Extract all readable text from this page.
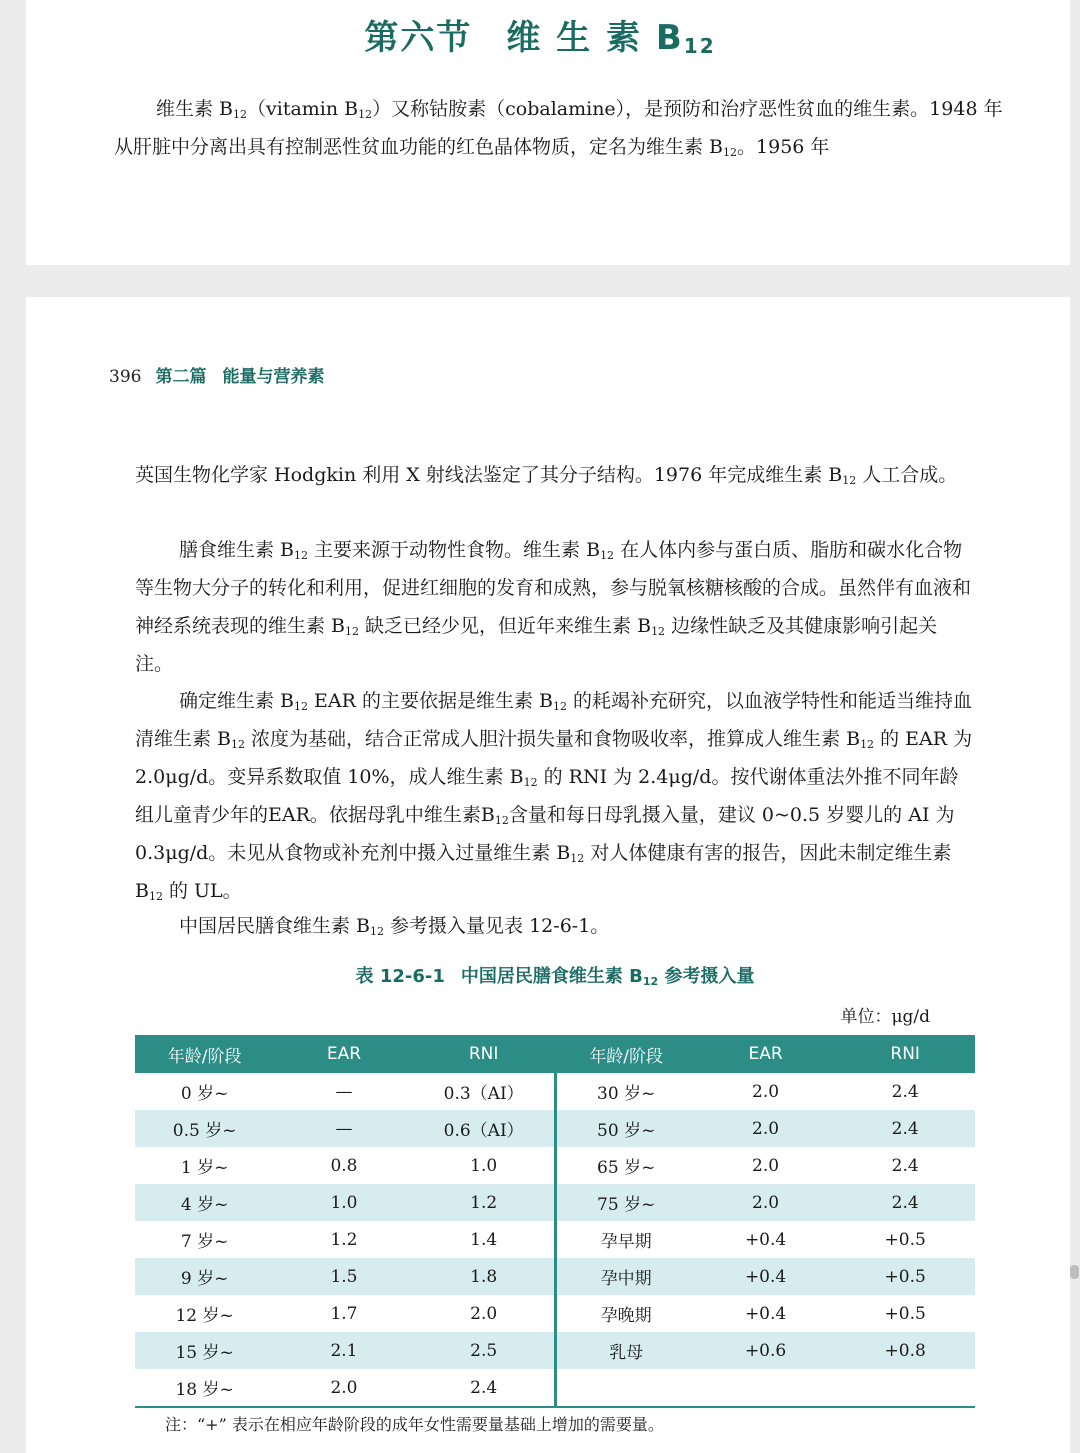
第六节 维 生 素 $B_{12}$

维生素 $B_{12}(vitamin$ $B_{12}$）又称钴胺素（cobalamine），是预防和治疗恶性贫血的维生素。1948 年从肝脏中分离出具有控制恶性贫血功能的红色晶体物质，定名为维生素 $B_{12}$。1956 年

396 第二篇 能量与营养素

英国生物化学家 Hodgkin 利用 X 射线法鉴定了其分子结构。1976 年完成维生素 $B_{12}$ 人工合成。

膳食维生素 $B_{12}$ 主要来源于动物性食物。维生素 $B_{12}$ 在人体内参与蛋白质、脂肪和碳水化合物等生物大分子的转化和利用，促进红细胞的发育和成熟，参与脱氧核糖核酸的合成。虽然伴有血液和神经系统表现的维生素 $B_{12}$ 缺乏已经少见，但近年来维生素 $B_{12}$ 边缘性缺乏及其健康影响引起关注。

确定维生素 $B_{12}$ EAR 的主要依据是维生素 $B_{12}$ 的耗竭补充研究，以血液学特性和能适当维持血清维生素 $B_{12}$ 浓度为基础，结合正常成人胆汁损失量和食物吸收率，推算成人维生素 $B_{12}$ 的 EAR 为 2.0μg/d。变异系数取值 10%，成人维生素 $B_{12}$ 的 RNI 为 2.4μg/d。按代谢体重法外推不同年龄组儿童青少年的EAR。依据母乳中维生素$B_{12}$含量和每日母乳摄入量，建议 0~0.5 岁婴儿的 AI 为 0.3μg/d。未见从食物或补充剂中摄入过量维生素 $B_{12}$ 对人体健康有害的报告，因此未制定维生素 $B_{12}$ 的 UL。

中国居民膳食维生素 $B_{12}$ 参考摄入量见表 12-6-1。

表 12-6-1 中国居民膳食维生素 $B_{12}$ 参考摄入量
单位：μg/d
年龄/阶段	EAR	RNI	年龄/阶段	EAR	RNI
0 岁~	—	0.3（AI）	30 岁~	2.0	2.4
0.5 岁~	—	0.6（AI）	50 岁~	2.0	2.4
1 岁~	0.8	1.0	65 岁~	2.0	2.4
4 岁~	1.0	1.2	75 岁~	2.0	2.4
7 岁~	1.2	1.4	孕早期	+0.4	+0.5
9 岁~	1.5	1.8	孕中期	+0.4	+0.5
12 岁~	1.7	2.0	孕晚期	+0.4	+0.5
15 岁~	2.1	2.5	乳母	+0.6	+0.8
18 岁~	2.0	2.4			
注：“+” 表示在相应年龄阶段的成年女性需要量基础上增加的需要量。
